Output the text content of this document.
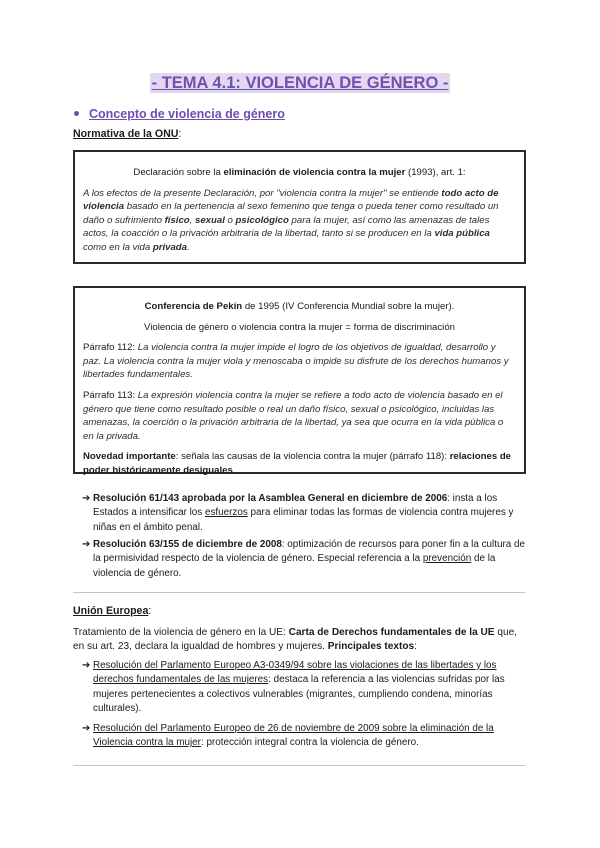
- TEMA 4.1: VIOLENCIA DE GÉNERO -
Concepto de violencia de género
Normativa de la ONU:

Declaración sobre la eliminación de violencia contra la mujer (1993), art. 1:

A los efectos de la presente Declaración, por "violencia contra la mujer" se entiende todo acto de violencia basado en la pertenencia al sexo femenino que tenga o pueda tener como resultado un daño o sufrimiento físico, sexual o psicológico para la mujer, así como las amenazas de tales actos, la coacción o la privación arbitraria de la libertad, tanto si se producen en la vida pública como en la vida privada.

Conferencia de Pekín de 1995 (IV Conferencia Mundial sobre la mujer).

Violencia de género o violencia contra la mujer = forma de discriminación

Párrafo 112: La violencia contra la mujer impide el logro de los objetivos de igualdad, desarrollo y paz. La violencia contra la mujer viola y menoscaba o impide su disfrute de los derechos humanos y libertades fundamentales.

Párrafo 113: La expresión violencia contra la mujer se refiere a todo acto de violencia basado en el género que tiene como resultado posible o real un daño físico, sexual o psicológico, incluidas las amenazas, la coerción o la privación arbitraria de la libertad, ya sea que ocurra en la vida pública o en la privada.

Novedad importante: señala las causas de la violencia contra la mujer (párrafo 118): relaciones de poder históricamente desiguales.

➔ Resolución 61/143 aprobada por la Asamblea General en diciembre de 2006: insta a los Estados a intensificar los esfuerzos para eliminar todas las formas de violencia contra mujeres y niñas en el ámbito penal.
➔ Resolución 63/155 de diciembre de 2008: optimización de recursos para poner fin a la cultura de la permisividad respecto de la violencia de género. Especial referencia a la prevención de la violencia de género.
Unión Europea:
Tratamiento de la violencia de género en la UE: Carta de Derechos fundamentales de la UE que, en su art. 23, declara la igualdad de hombres y mujeres. Principales textos:
➔ Resolución del Parlamento Europeo A3-0349/94 sobre las violaciones de las libertades y los derechos fundamentales de las mujeres: destaca la referencia a las violencias sufridas por las mujeres pertenecientes a colectivos vulnerables (migrantes, cumpliendo condena, minorías culturales).
➔ Resolución del Parlamento Europeo de 26 de noviembre de 2009 sobre la eliminación de la Violencia contra la mujer: protección integral contra la violencia de género.
